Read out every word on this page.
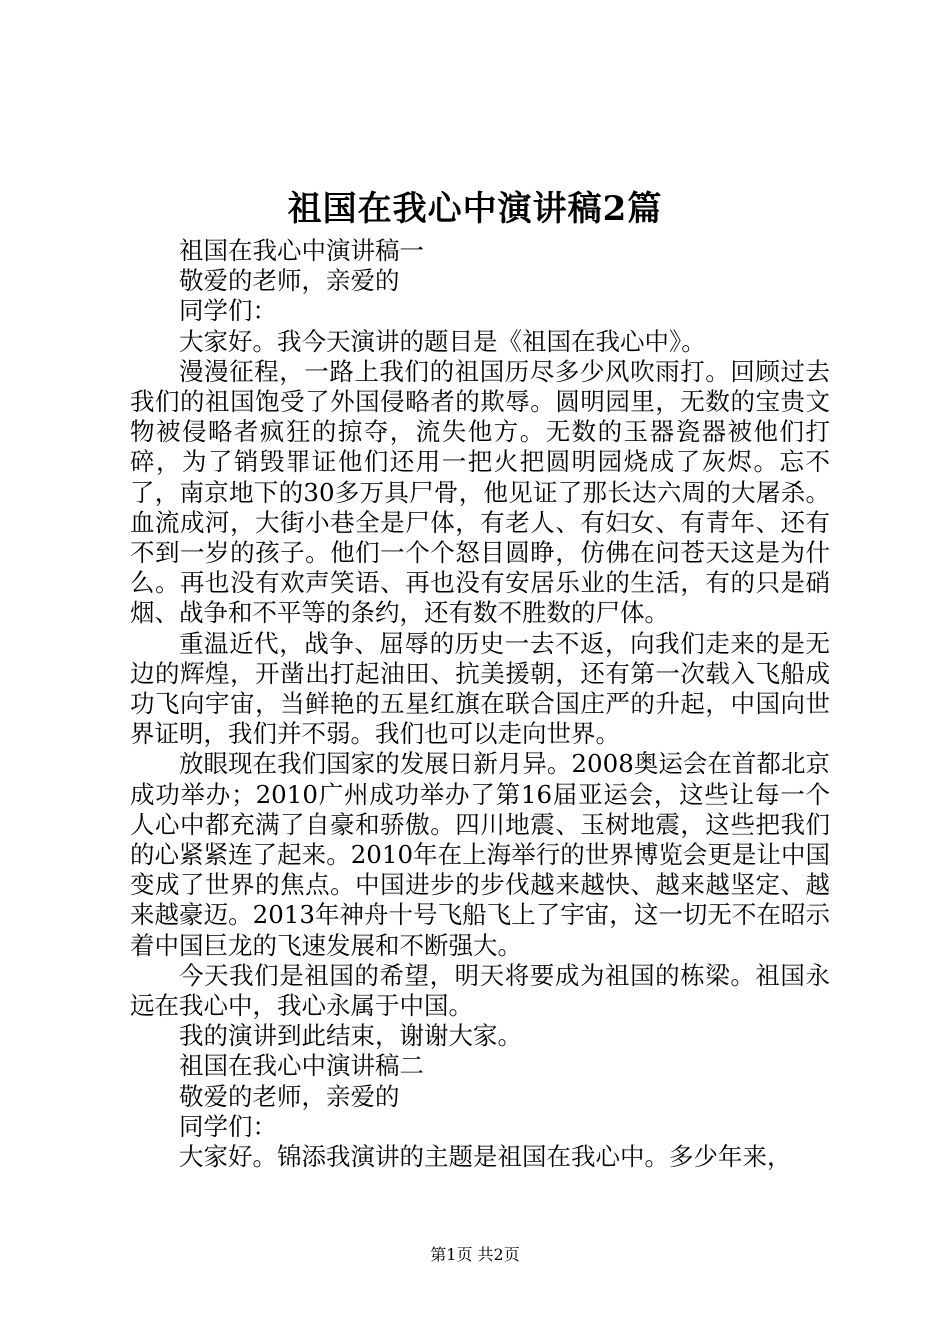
祖国在我心中演讲稿2篇

祖国在我心中演讲稿一

敬爱的老师，亲爱的

同学们：

大家好。我今天演讲的题目是《祖国在我心中》。

漫漫征程，一路上我们的祖国历尽多少风吹雨打。回顾过去我们的祖国饱受了外国侵略者的欺辱。圆明园里，无数的宝贵文物被侵略者疯狂的掠夺，流失他方。无数的玉器瓷器被他们打碎，为了销毁罪证他们还用一把火把圆明园烧成了灰烬。忘不了，南京地下的30多万具尸骨，他见证了那长达六周的大屠杀。血流成河，大街小巷全是尸体，有老人、有妇女、有青年、还有不到一岁的孩子。他们一个个怒目圆睁，仿佛在问苍天这是为什么。再也没有欢声笑语、再也没有安居乐业的生活，有的只是硝烟、战争和不平等的条约，还有数不胜数的尸体。

重温近代，战争、屈辱的历史一去不返，向我们走来的是无边的辉煌，开凿出打起油田、抗美援朝，还有第一次载入飞船成功飞向宇宙，当鲜艳的五星红旗在联合国庄严的升起，中国向世界证明，我们并不弱。我们也可以走向世界。

放眼现在我们国家的发展日新月异。2008奥运会在首都北京成功举办；2010广州成功举办了第16届亚运会，这些让每一个人心中都充满了自豪和骄傲。四川地震、玉树地震，这些把我们的心紧紧连了起来。2010年在上海举行的世界博览会更是让中国变成了世界的焦点。中国进步的步伐越来越快、越来越坚定、越来越豪迈。2013年神舟十号飞船飞上了宇宙，这一切无不在昭示着中国巨龙的飞速发展和不断强大。

今天我们是祖国的希望，明天将要成为祖国的栋梁。祖国永远在我心中，我心永属于中国。

我的演讲到此结束，谢谢大家。

祖国在我心中演讲稿二

敬爱的老师，亲爱的

同学们：

大家好。锦添我演讲的主题是祖国在我心中。多少年来，

第1页 共2页
